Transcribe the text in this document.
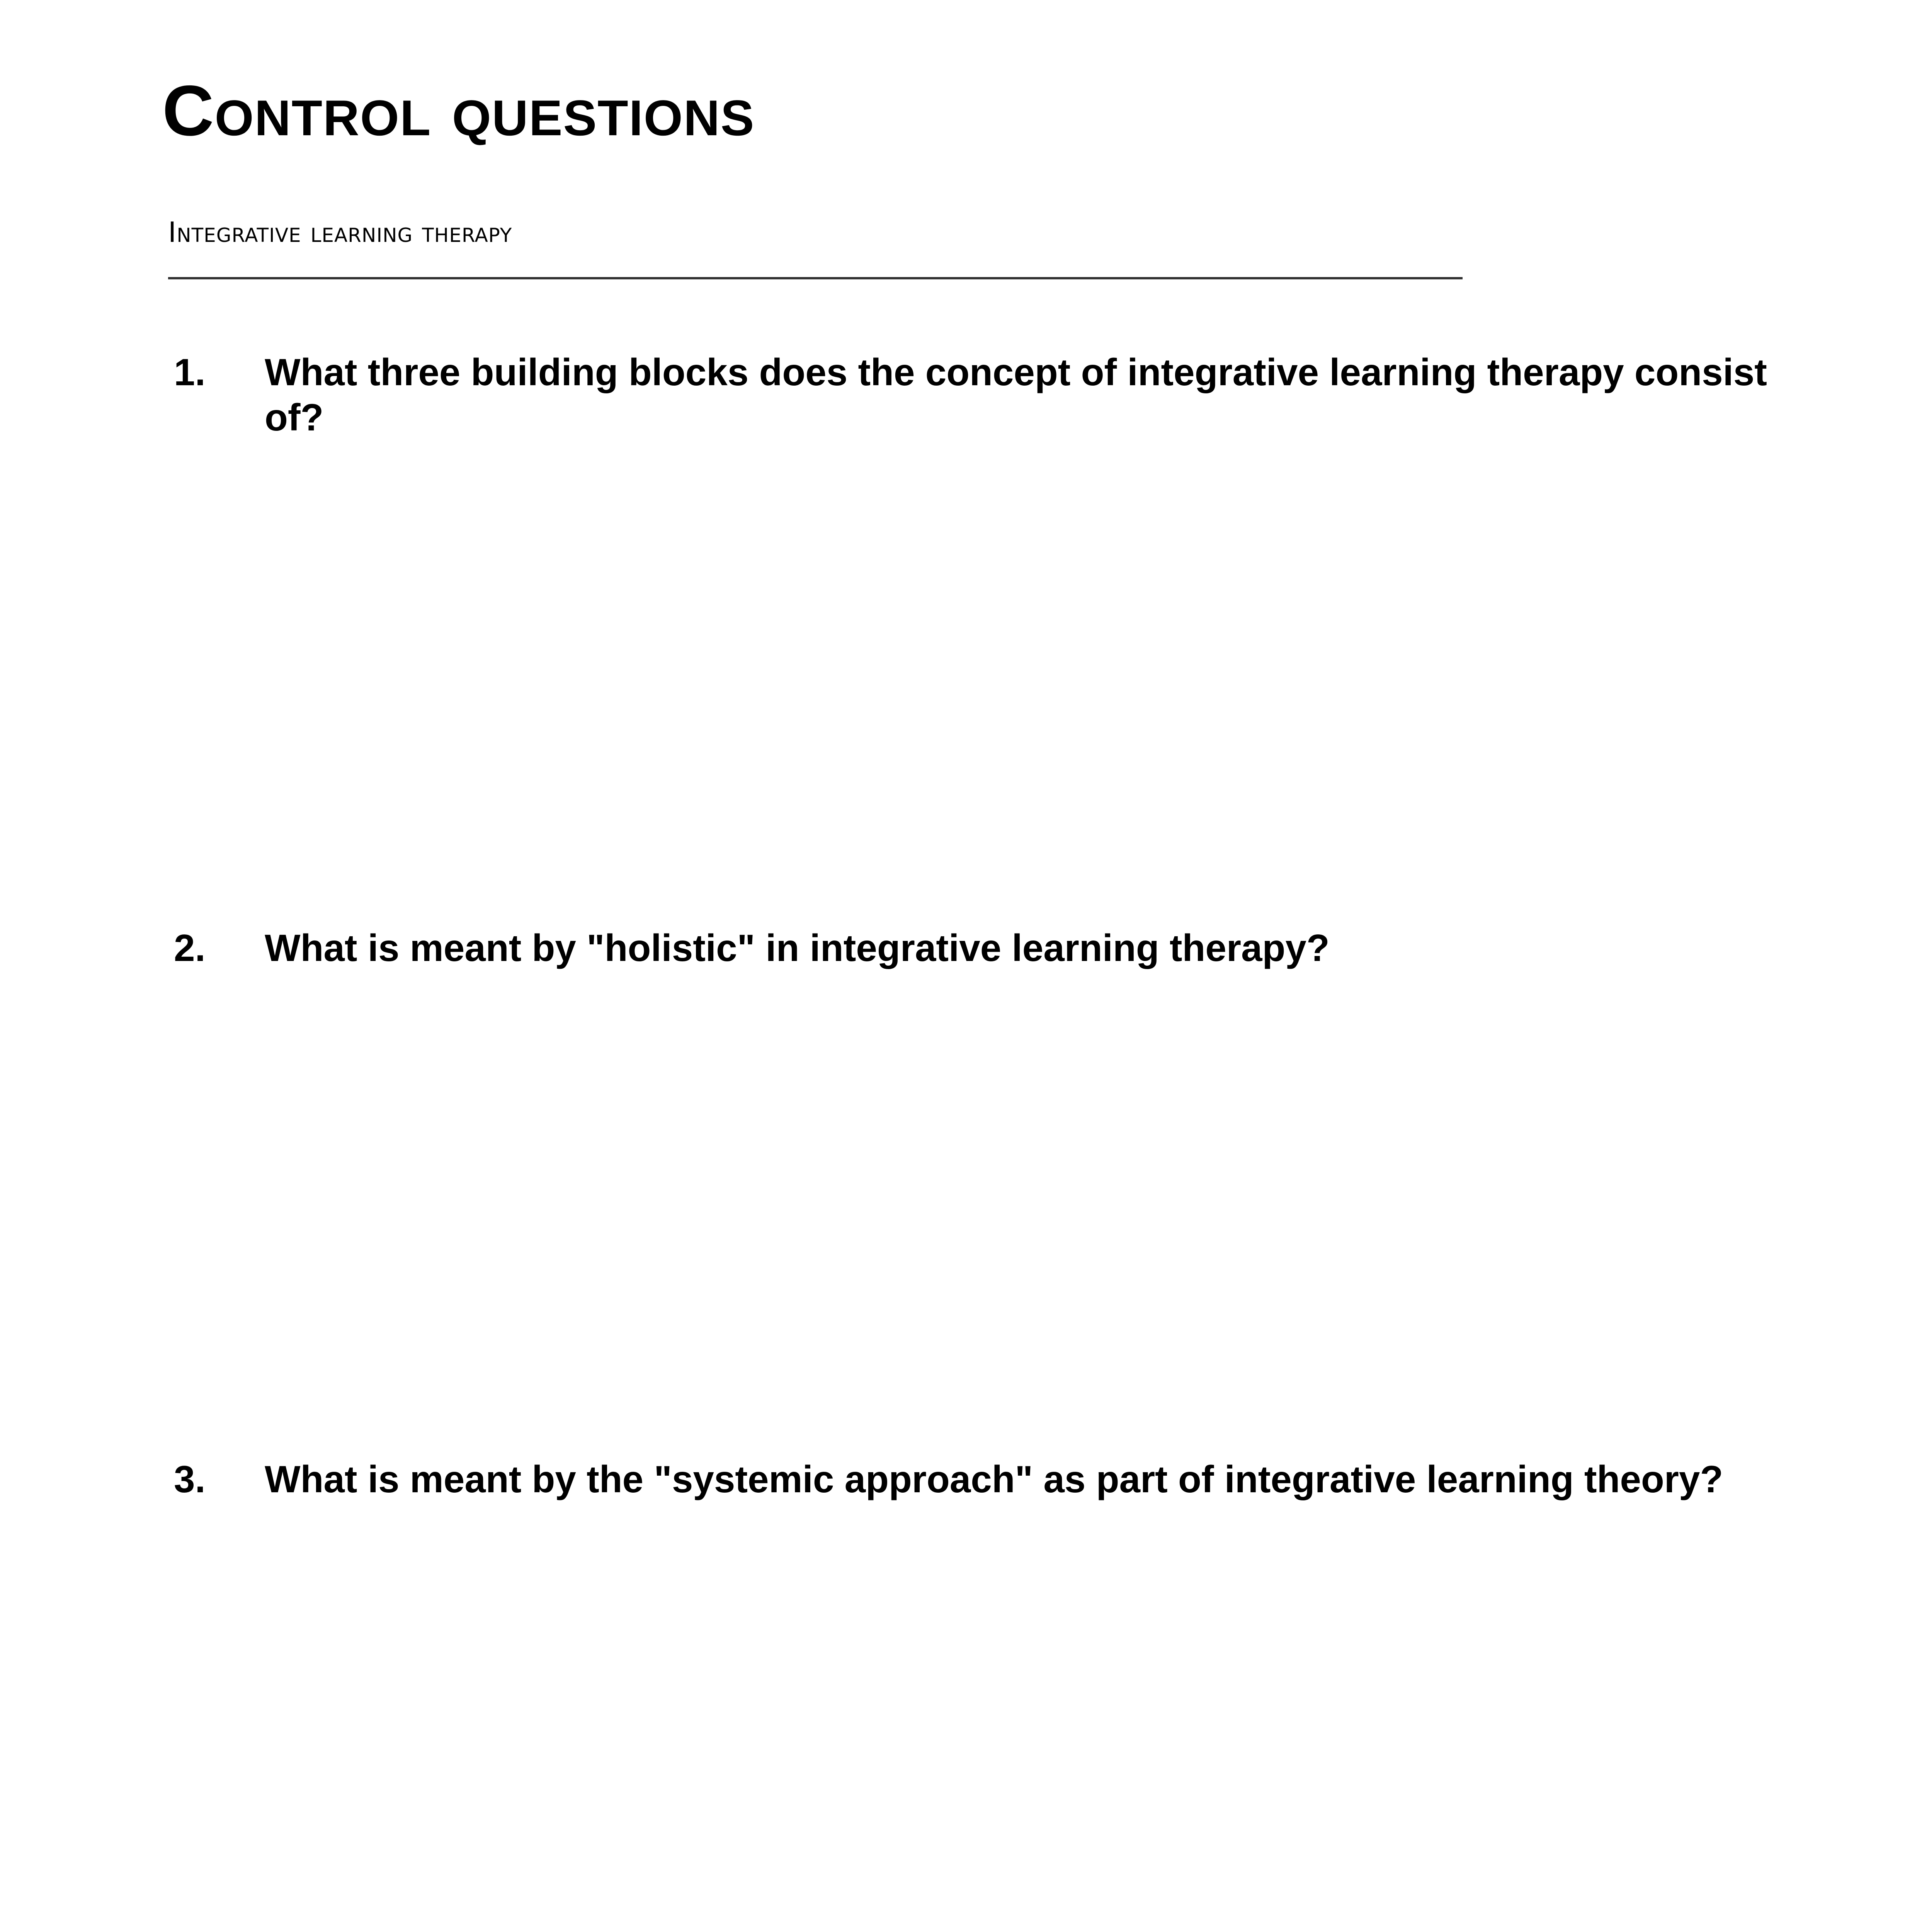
Control questions
Integrative learning therapy
1. What three building blocks does the concept of integrative learning therapy consist of?
2. What is meant by "holistic" in integrative learning therapy?
3. What is meant by the "systemic approach" as part of integrative learning theory?
